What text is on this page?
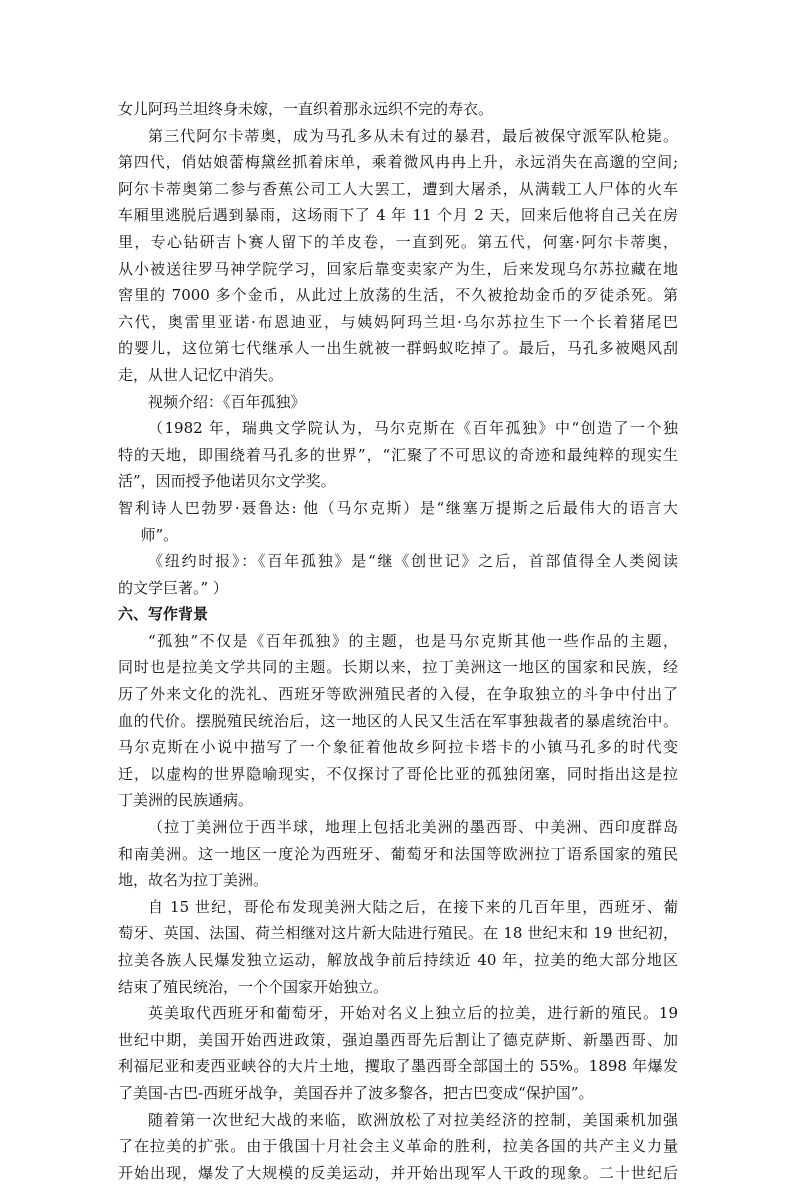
女儿阿玛兰坦终身未嫁，一直织着那永远织不完的寿衣。
第三代阿尔卡蒂奥，成为马孔多从未有过的暴君，最后被保守派军队枪毙。
第四代，俏姑娘蕾梅黛丝抓着床单，乘着微风冉冉上升，永远消失在高邈的空间;
阿尔卡蒂奥第二参与香蕉公司工人大罢工，遭到大屠杀，从满载工人尸体的火车
车厢里逃脱后遇到暴雨，这场雨下了 4 年 11 个月 2 天，回来后他将自己关在房
里，专心钻研吉卜赛人留下的羊皮卷，一直到死。第五代，何塞·阿尔卡蒂奥，
从小被送往罗马神学院学习，回家后靠变卖家产为生，后来发现乌尔苏拉藏在地
窖里的 7000 多个金币，从此过上放荡的生活，不久被抢劫金币的歹徒杀死。第
六代，奥雷里亚诺·布恩迪亚，与姨妈阿玛兰坦·乌尔苏拉生下一个长着猪尾巴
的婴儿，这位第七代继承人一出生就被一群蚂蚁吃掉了。最后，马孔多被飓风刮
走，从世人记忆中消失。
视频介绍：《百年孤独》
（1982 年，瑞典文学院认为，马尔克斯在《百年孤独》中“创造了一个独
特的天地，即围绕着马孔多的世界”，“汇聚了不可思议的奇迹和最纯粹的现实生
活”，因而授予他诺贝尔文学奖。
智利诗人巴勃罗·聂鲁达: 他（马尔克斯）是“继塞万提斯之后最伟大的语言大
师”。
《纽约时报》：《百年孤独》是“继《创世记》之后，首部值得全人类阅读
的文学巨著。” ）
六、写作背景
“孤独”不仅是《百年孤独》的主题，也是马尔克斯其他一些作品的主题，
同时也是拉美文学共同的主题。长期以来，拉丁美洲这一地区的国家和民族，经
历了外来文化的洗礼、西班牙等欧洲殖民者的入侵，在争取独立的斗争中付出了
血的代价。摆脱殖民统治后，这一地区的人民又生活在军事独裁者的暴虐统治中。
马尔克斯在小说中描写了一个象征着他故乡阿拉卡塔卡的小镇马孔多的时代变
迁，以虚构的世界隐喻现实，不仅探讨了哥伦比亚的孤独闭塞，同时指出这是拉
丁美洲的民族通病。
（拉丁美洲位于西半球，地理上包括北美洲的墨西哥、中美洲、西印度群岛
和南美洲。这一地区一度沦为西班牙、葡萄牙和法国等欧洲拉丁语系国家的殖民
地，故名为拉丁美洲。
自 15 世纪，哥伦布发现美洲大陆之后，在接下来的几百年里，西班牙、葡
萄牙、英国、法国、荷兰相继对这片新大陆进行殖民。在 18 世纪末和 19 世纪初，
拉美各族人民爆发独立运动，解放战争前后持续近 40 年，拉美的绝大部分地区
结束了殖民统治，一个个国家开始独立。
英美取代西班牙和葡萄牙，开始对名义上独立后的拉美，进行新的殖民。19
世纪中期，美国开始西进政策，强迫墨西哥先后割让了德克萨斯、新墨西哥、加
利福尼亚和麦西亚峡谷的大片土地，攫取了墨西哥全部国土的 55%。1898 年爆发
了美国-古巴-西班牙战争，美国吞并了波多黎各，把古巴变成“保护国”。
随着第一次世纪大战的来临，欧洲放松了对拉美经济的控制，美国乘机加强
了在拉美的扩张。由于俄国十月社会主义革命的胜利，拉美各国的共产主义力量
开始出现，爆发了大规模的反美运动，并开始出现军人干政的现象。二十世纪后
